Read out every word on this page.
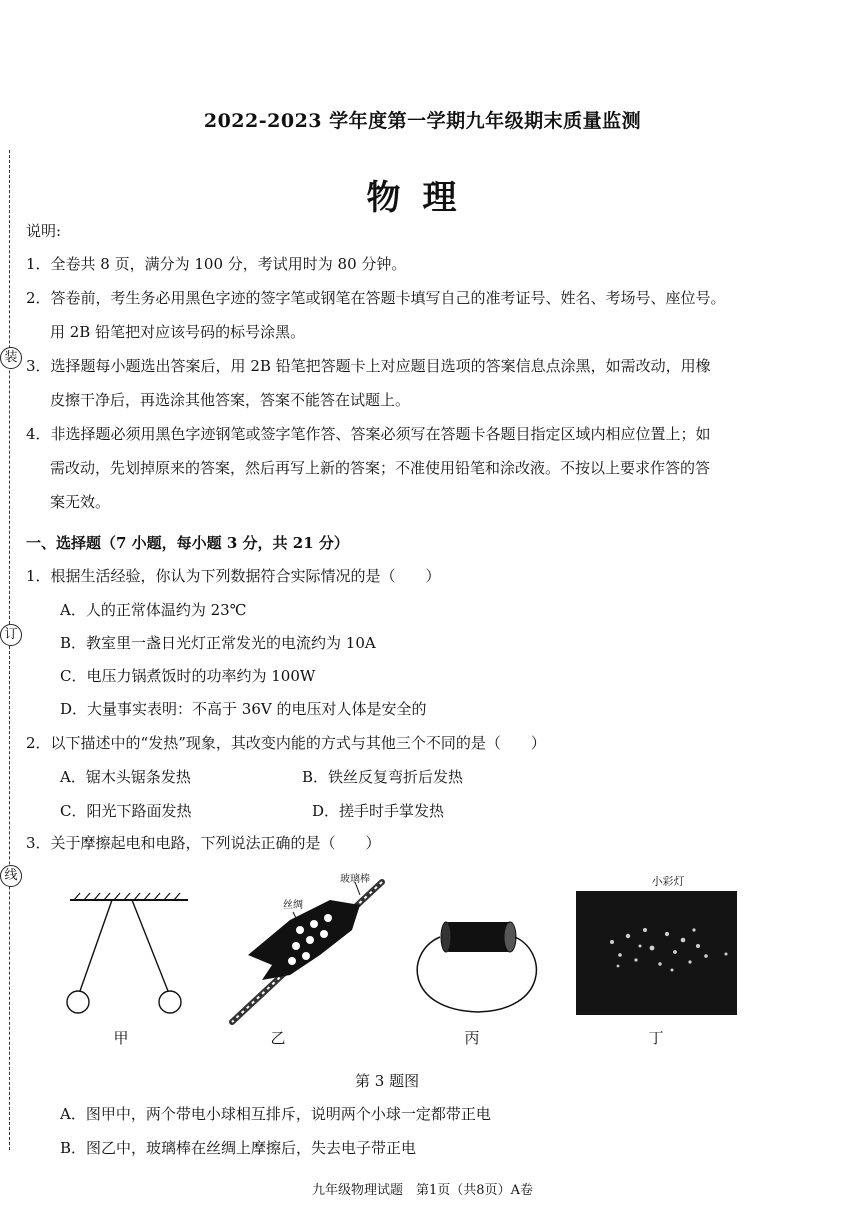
装
订
线
2022-2023 学年度第一学期九年级期末质量监测
物理
说明:
1．全卷共 8 页，满分为 100 分，考试用时为 80 分钟。
2．答卷前，考生务必用黑色字迹的签字笔或钢笔在答题卡填写自己的准考证号、姓名、考场号、座位号。
用 2B 铅笔把对应该号码的标号涂黑。
3．选择题每小题选出答案后，用 2B 铅笔把答题卡上对应题目选项的答案信息点涂黑，如需改动，用橡
皮擦干净后，再选涂其他答案，答案不能答在试题上。
4．非选择题必须用黑色字迹钢笔或签字笔作答、答案必须写在答题卡各题目指定区域内相应位置上；如
需改动，先划掉原来的答案，然后再写上新的答案；不准使用铅笔和涂改液。不按以上要求作答的答
案无效。
一、选择题（7 小题，每小题 3 分，共 21 分）
1．根据生活经验，你认为下列数据符合实际情况的是（　　）
A．人的正常体温约为 23℃
B．教室里一盏日光灯正常发光的电流约为 10A
C．电压力锅煮饭时的功率约为 100W
D．大量事实表明：不高于 36V 的电压对人体是安全的
2．以下描述中的“发热”现象，其改变内能的方式与其他三个不同的是（　　）
A．锯木头锯条发热	B．铁丝反复弯折后发热
C．阳光下路面发热	D．搓手时手掌发热
3．关于摩擦起电和电路，下列说法正确的是（　　）
玻璃棒
丝绸
小彩灯
甲	乙	丙	丁
第 3 题图
A．图甲中，两个带电小球相互排斥，说明两个小球一定都带正电
B．图乙中，玻璃棒在丝绸上摩擦后，失去电子带正电
九年级物理试题　第1页（共8页）A卷
